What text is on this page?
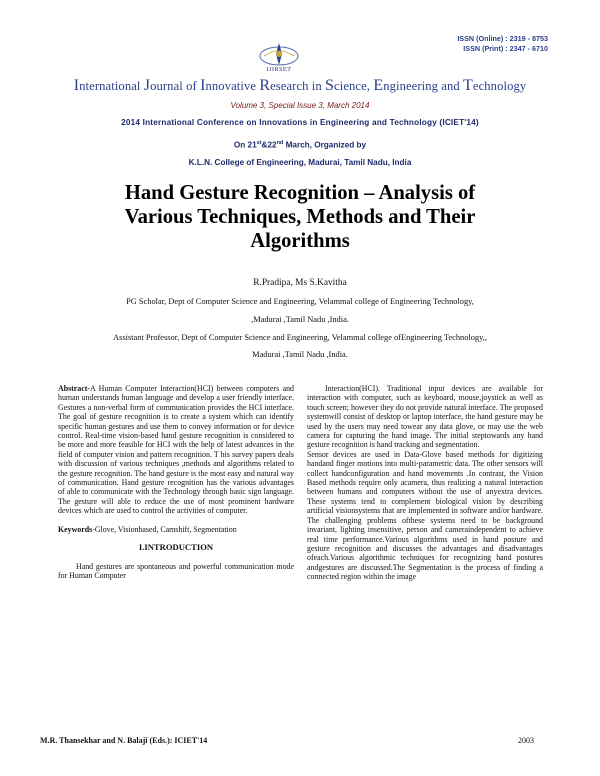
ISSN (Online) : 2319 - 8753
ISSN (Print) : 2347 - 6710
IJIRSET
International Journal of Innovative Research in Science, Engineering and Technology
Volume 3, Special Issue 3, March 2014
2014 International Conference on Innovations in Engineering and Technology (ICIET'14)
On 21st&22nd March, Organized by
K.L.N. College of Engineering, Madurai, Tamil Nadu, India
Hand Gesture Recognition – Analysis of
Various Techniques, Methods and Their
Algorithms
R.Pradipa, Ms S.Kavitha
PG Scholar, Dept of Computer Science and Engineering, Velammal college of Engineering Technology,
,Madurai ,Tamil Nadu ,India.
Assistant Professor, Dept of Computer Science and Engineering, Velammal college ofEngineering Technology,,
Madurai ,Tamil Nadu ,India.

Abstract-A Human Computer Interaction(HCI) between computers and human understands human language and develop a user friendly interface. Gestures a non-verbal form of communication provides the HCI interface. The goal of gesture recognition is to create a system which can identify specific human gestures and use them to convey information or for device control. Real-time vision-based hand gesture recognition is considered to be more and more feasible for HCI with the help of latest advances in the field of computer vision and pattern recognition. T his survey papers deals with discussion of various techniques ,methods and algorithms related to the gesture recognition. The hand gesture is the most easy and natural way of communication. Hand gesture recognition has the various advantages of able to communicate with the Technology through basic sign language. The gesture will able to reduce the use of most prominent hardware devices which are used to control the activities of computer.

Keywords-Glove, Visionbased, Camshift, Segmentation

I.INTRODUCTION

Hand gestures are spontaneous and powerful communication mode for Human Computer

Interaction(HCI). Traditional input devices are available for interaction with computer, such as keyboard, mouse,joystick as well as touch screen; however they do not provide natural interface. The proposed systemwill consist of desktop or laptop interface, the hand gesture may be used by the users may need towear any data glove, or may use the web camera for capturing the hand image. The initial steptowards any hand gesture recognition is hand tracking and segmentation.

Sensor devices are used in Data-Glove based methods for digitizing handand finger motions into multi-parametric data. The other sensors will collect handconfiguration and hand movements .In contrast, the Vision Based methods require only acamera, thus realizing a natural interaction between humans and computers without the use of anyextra devices. These systems tend to complement biological vision by describing artificial visionsystems that are implemented in software and/or hardware. The challenging problems ofthese systems need to be background invariant, lighting insensitive, person and cameraindependent to achieve real time performance.Various algorithms used in hand posture and gesture recognition and discusses the advantages and disadvantages ofeach.Various algorithmic techniques for recognizing hand postures andgestures are discussed.The Segmentation is the process of finding a connected region within the image

M.R. Thansekhar and N. Balaji (Eds.): ICIET'14	2003
